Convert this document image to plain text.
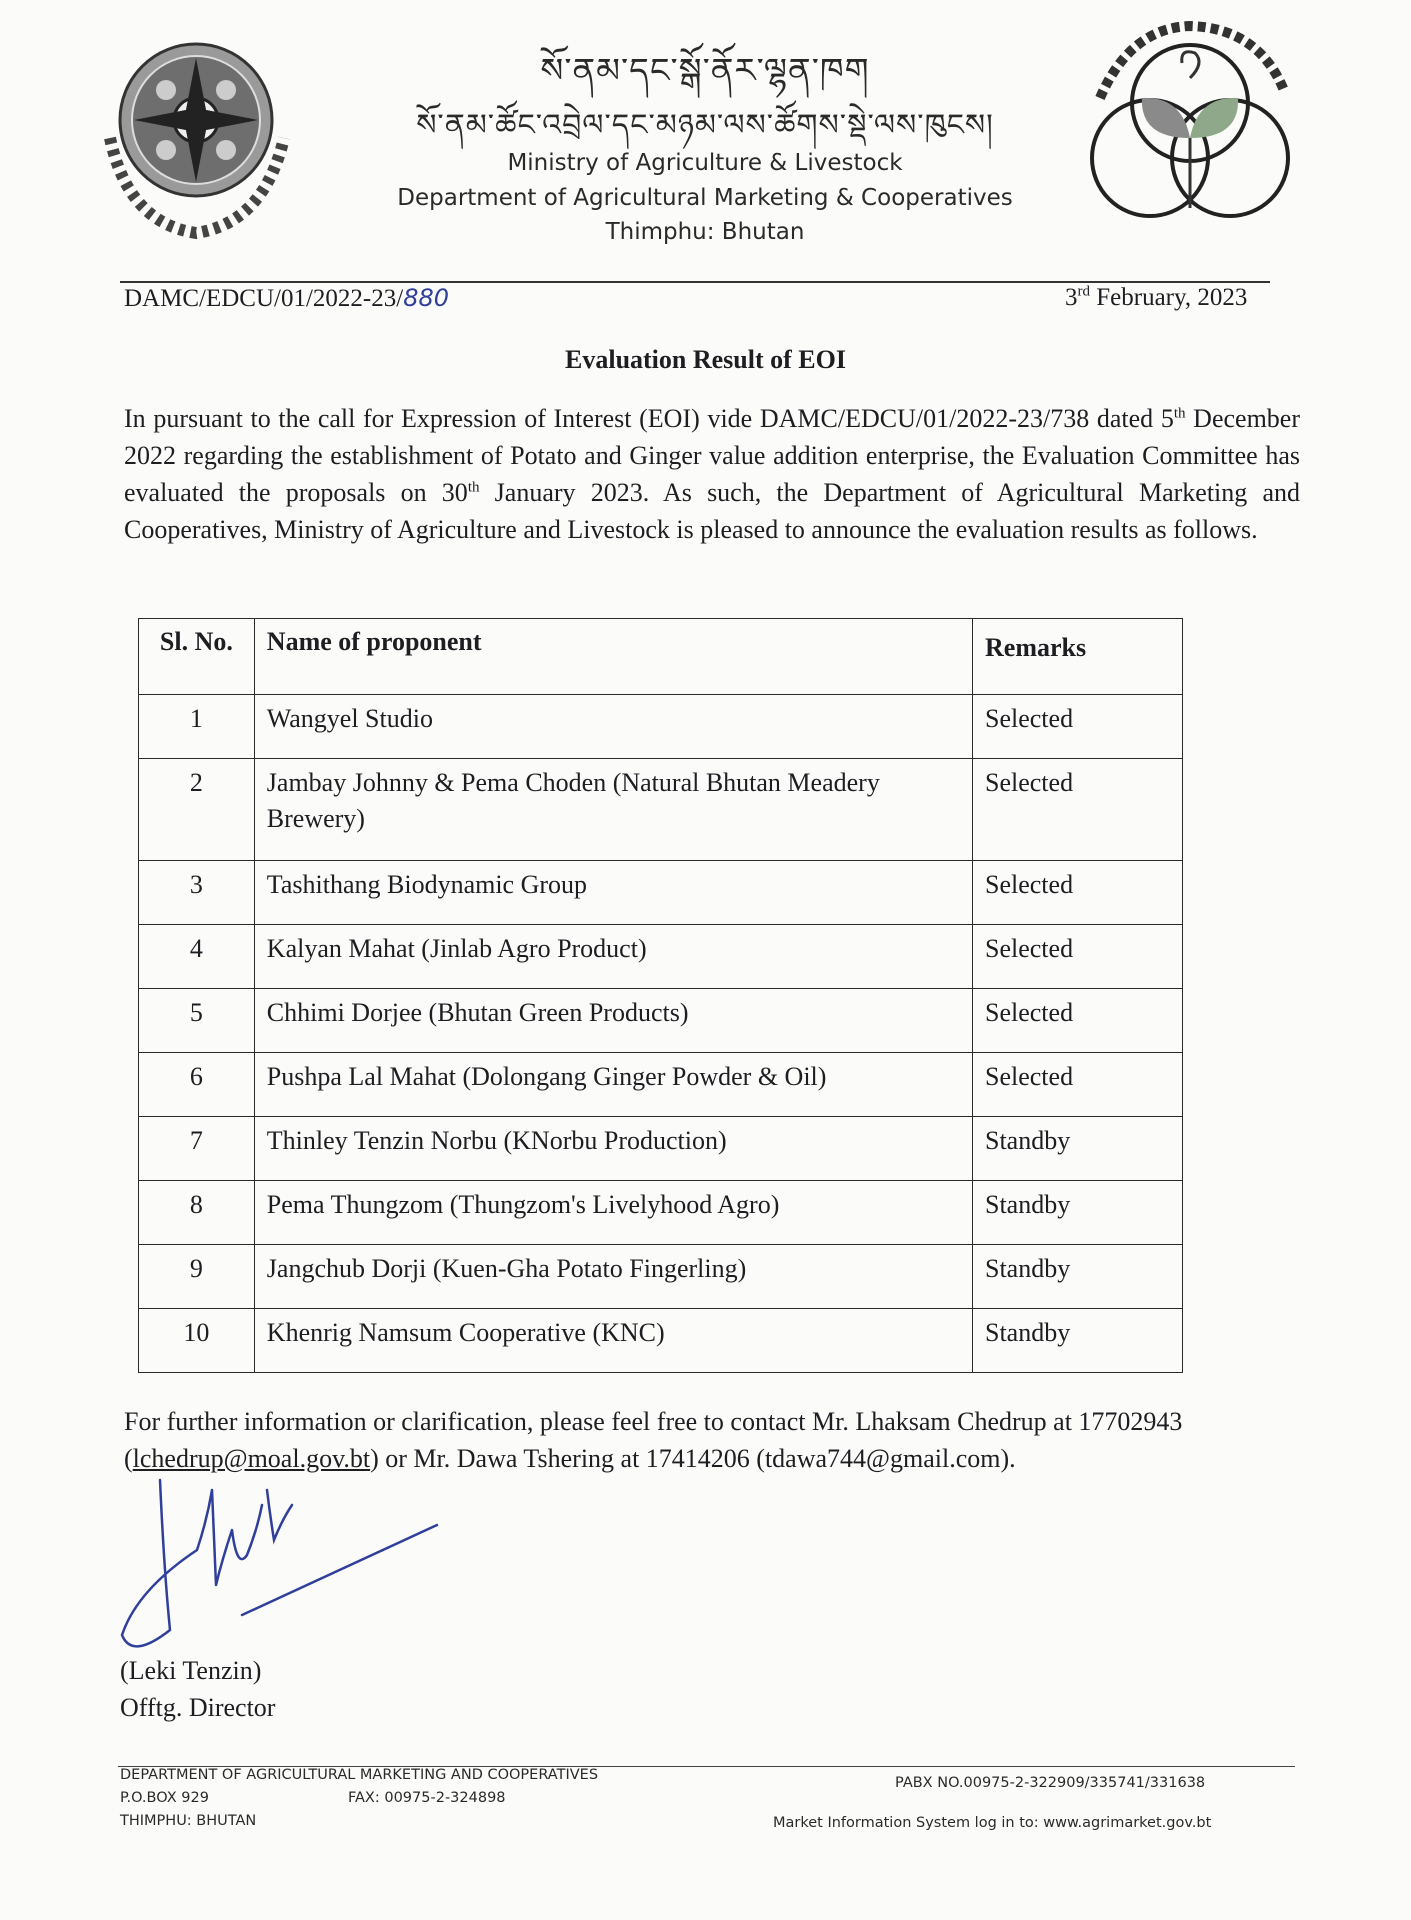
སོ་ནམ་དང་སྒོ་ནོར་ལྷན་ཁག
སོ་ནམ་ཚོང་འབྲེལ་དང་མཉམ་ལས་ཚོགས་སྡེ་ལས་ཁུངས།
Ministry of Agriculture & Livestock
Department of Agricultural Marketing & Cooperatives
Thimphu: Bhutan
DAMC/EDCU/01/2022-23/880	3rd February, 2023
Evaluation Result of EOI
In pursuant to the call for Expression of Interest (EOI) vide DAMC/EDCU/01/2022-23/738 dated 5th December 2022 regarding the establishment of Potato and Ginger value addition enterprise, the Evaluation Committee has evaluated the proposals on 30th January 2023. As such, the Department of Agricultural Marketing and Cooperatives, Ministry of Agriculture and Livestock is pleased to announce the evaluation results as follows.
Sl. No.	Name of proponent	Remarks
1	Wangyel Studio	Selected
2	Jambay Johnny & Pema Choden (Natural Bhutan Meadery Brewery)	Selected
3	Tashithang Biodynamic Group	Selected
4	Kalyan Mahat (Jinlab Agro Product)	Selected
5	Chhimi Dorjee (Bhutan Green Products)	Selected
6	Pushpa Lal Mahat (Dolongang Ginger Powder & Oil)	Selected
7	Thinley Tenzin Norbu (KNorbu Production)	Standby
8	Pema Thungzom (Thungzom's Livelyhood Agro)	Standby
9	Jangchub Dorji (Kuen-Gha Potato Fingerling)	Standby
10	Khenrig Namsum Cooperative (KNC)	Standby
For further information or clarification, please feel free to contact Mr. Lhaksam Chedrup at 17702943 (lchedrup@moal.gov.bt) or Mr. Dawa Tshering at 17414206 (tdawa744@gmail.com).
(Leki Tenzin)
Offtg. Director
DEPARTMENT OF AGRICULTURAL MARKETING AND COOPERATIVES
P.O.BOX 929	FAX: 00975-2-324898
THIMPHU: BHUTAN
PABX NO.00975-2-322909/335741/331638
Market Information System log in to: www.agrimarket.gov.bt
